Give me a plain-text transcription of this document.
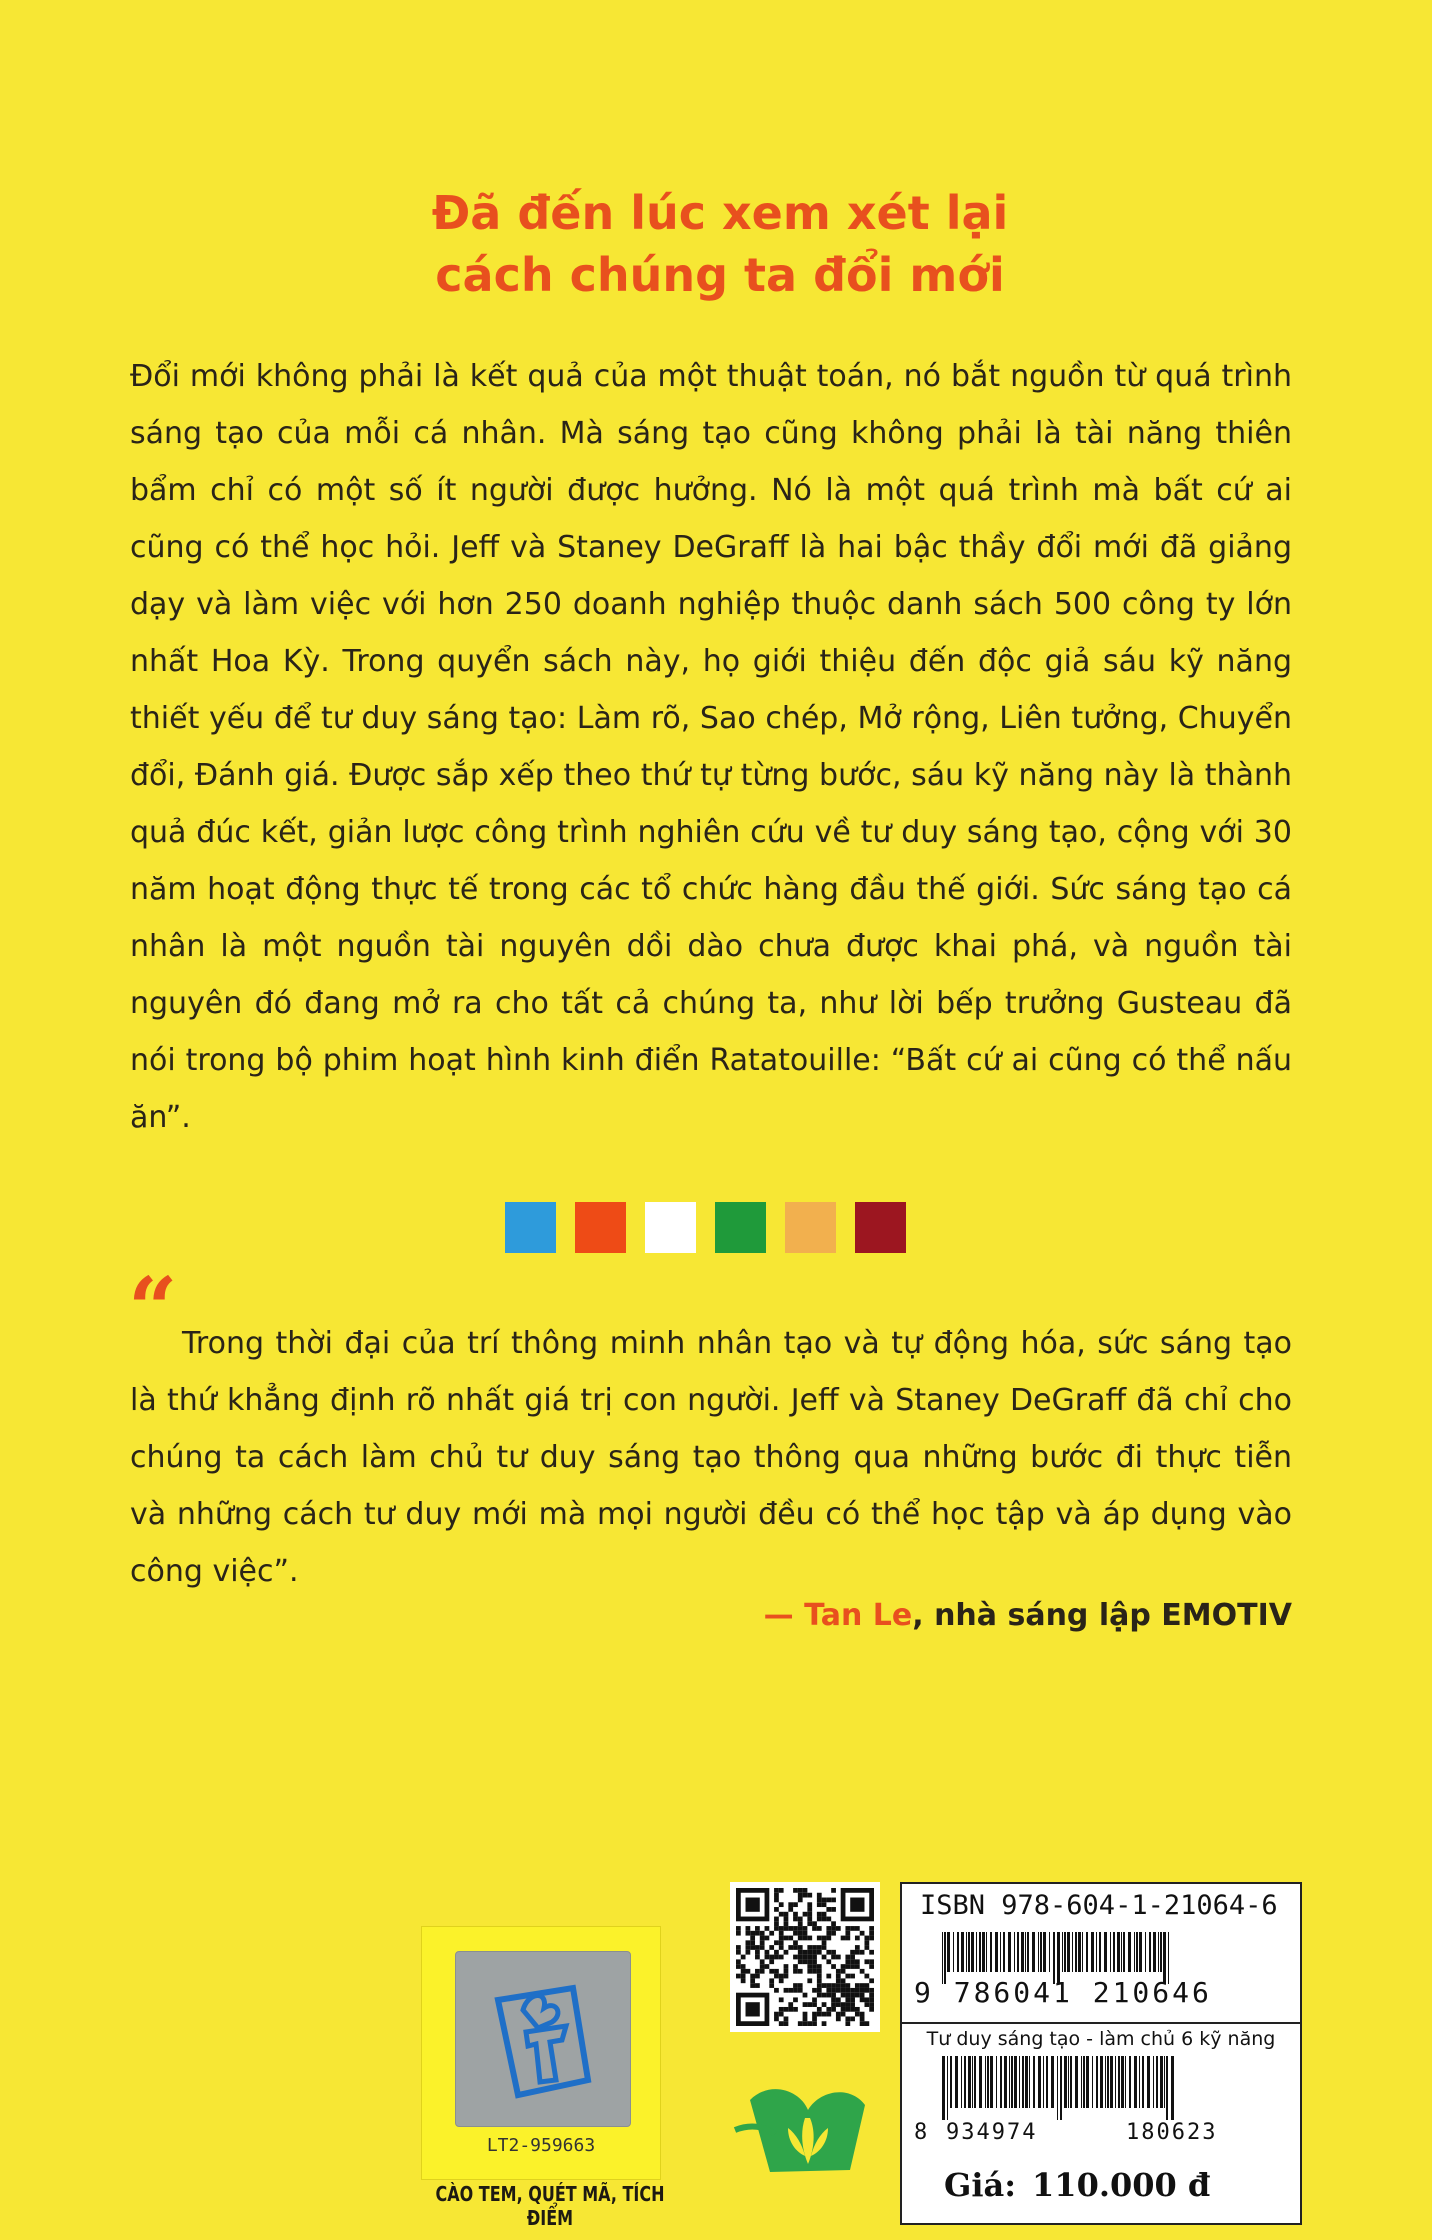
Đã đến lúc xem xét lại
cách chúng ta đổi mới
Đổi mới không phải là kết quả của một thuật toán, nó bắt nguồn từ quá trình sáng tạo của mỗi cá nhân. Mà sáng tạo cũng không phải là tài năng thiên bẩm chỉ có một số ít người được hưởng. Nó là một quá trình mà bất cứ ai cũng có thể học hỏi. Jeff và Staney DeGraff là hai bậc thầy đổi mới đã giảng dạy và làm việc với hơn 250 doanh nghiệp thuộc danh sách 500 công ty lớn nhất Hoa Kỳ. Trong quyển sách này, họ giới thiệu đến độc giả sáu kỹ năng thiết yếu để tư duy sáng tạo: Làm rõ, Sao chép, Mở rộng, Liên tưởng, Chuyển đổi, Đánh giá. Được sắp xếp theo thứ tự từng bước, sáu kỹ năng này là thành quả đúc kết, giản lược công trình nghiên cứu về tư duy sáng tạo, cộng với 30 năm hoạt động thực tế trong các tổ chức hàng đầu thế giới. Sức sáng tạo cá nhân là một nguồn tài nguyên dồi dào chưa được khai phá, và nguồn tài nguyên đó đang mở ra cho tất cả chúng ta, như lời bếp trưởng Gusteau đã nói trong bộ phim hoạt hình kinh điển Ratatouille: “Bất cứ ai cũng có thể nấu ăn”.
“ Trong thời đại của trí thông minh nhân tạo và tự động hóa, sức sáng tạo là thứ khẳng định rõ nhất giá trị con người. Jeff và Staney DeGraff đã chỉ cho chúng ta cách làm chủ tư duy sáng tạo thông qua những bước đi thực tiễn và những cách tư duy mới mà mọi người đều có thể học tập và áp dụng vào công việc”.
— Tan Le, nhà sáng lập EMOTIV
LT2-959663
CÀO TEM, QUÉT MÃ, TÍCH ĐIỂM
ISBN 978-604-1-21064-6
9 786041 210646
Tư duy sáng tạo - làm chủ 6 kỹ năng
8 934974	180623
Giá: 110.000 đ
